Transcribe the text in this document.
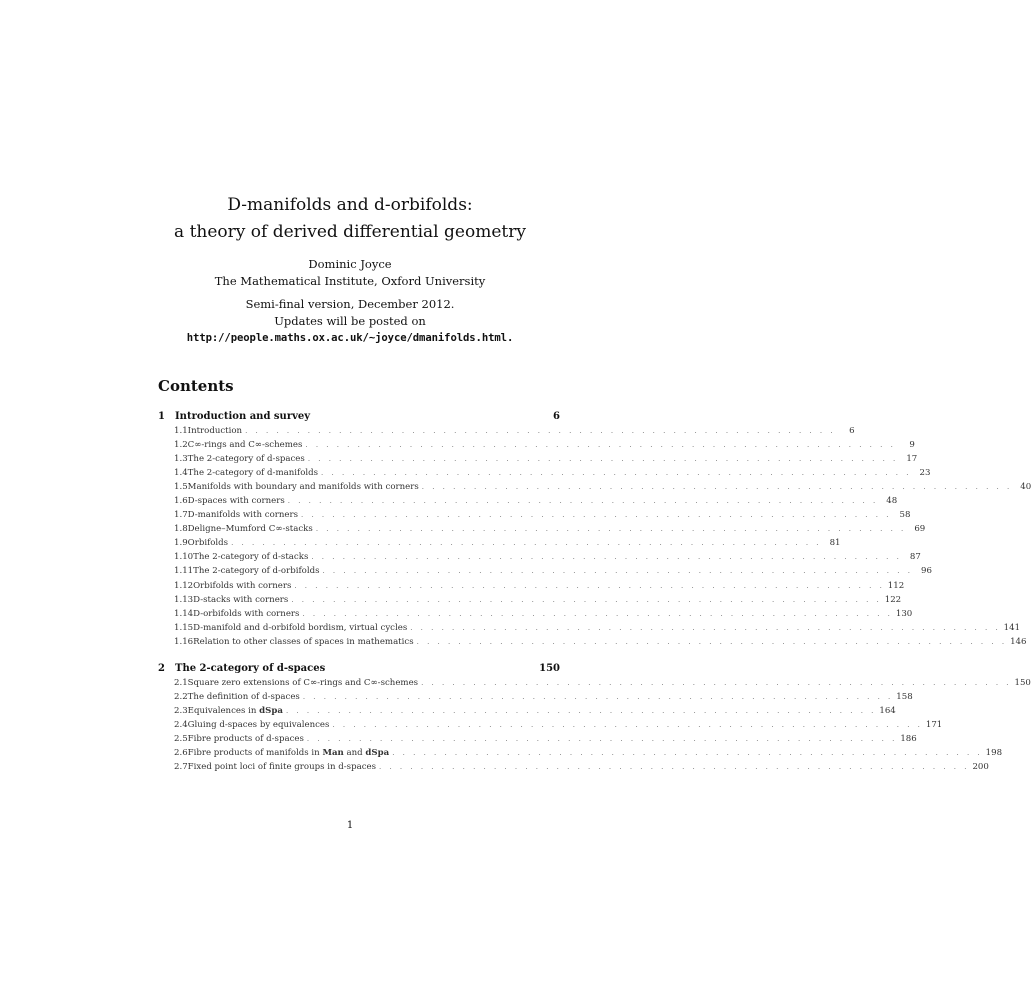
D-manifolds and d-orbifolds:
a theory of derived differential geometry
Dominic Joyce
The Mathematical Institute, Oxford University
Semi-final version, December 2012.
Updates will be posted on
http://people.maths.ox.ac.uk/~joyce/dmanifolds.html.
Contents
1	Introduction and survey	6
1.1 Introduction . . . . . . . . . . . . . . . . . . . . . . . . . . . . . . . . . . . . . . . . . . . . . . . . . . . . . . . . .	6
1.2 C∞-rings and C∞-schemes . . . . . . . . . . . . . . . . . . . . . . . . . . . . . . . . . . . . . . . . . . . . . . . . . . . . . . . . .	9
1.3 The 2-category of d-spaces . . . . . . . . . . . . . . . . . . . . . . . . . . . . . . . . . . . . . . . . . . . . . . . . . . . . . . . . . 17
1.4 The 2-category of d-manifolds . . . . . . . . . . . . . . . . . . . . . . . . . . . . . . . . . . . . . . . . . . . . . . . . . . . . . . . . . 23
1.5 Manifolds with boundary and manifolds with corners . . . . . . . . . . . . . . . . . . . . . . . . . . . . . . . . . . . . . . . . . . . . . . . . . . . . . . . . . 40
1.6 D-spaces with corners . . . . . . . . . . . . . . . . . . . . . . . . . . . . . . . . . . . . . . . . . . . . . . . . . . . . . . . . . 48
1.7 D-manifolds with corners . . . . . . . . . . . . . . . . . . . . . . . . . . . . . . . . . . . . . . . . . . . . . . . . . . . . . . . . . 58
1.8 Deligne–Mumford C∞-stacks . . . . . . . . . . . . . . . . . . . . . . . . . . . . . . . . . . . . . . . . . . . . . . . . . . . . . . . . . 69
1.9 Orbifolds . . . . . . . . . . . . . . . . . . . . . . . . . . . . . . . . . . . . . . . . . . . . . . . . . . . . . . . . . 81
1.10 The 2-category of d-stacks . . . . . . . . . . . . . . . . . . . . . . . . . . . . . . . . . . . . . . . . . . . . . . . . . . . . . . . . . 87
1.11 The 2-category of d-orbifolds . . . . . . . . . . . . . . . . . . . . . . . . . . . . . . . . . . . . . . . . . . . . . . . . . . . . . . . . . 96
1.12 Orbifolds with corners . . . . . . . . . . . . . . . . . . . . . . . . . . . . . . . . . . . . . . . . . . . . . . . . . . . . . . . . . 112
1.13 D-stacks with corners . . . . . . . . . . . . . . . . . . . . . . . . . . . . . . . . . . . . . . . . . . . . . . . . . . . . . . . . . 122
1.14 D-orbifolds with corners . . . . . . . . . . . . . . . . . . . . . . . . . . . . . . . . . . . . . . . . . . . . . . . . . . . . . . . . . 130
1.15 D-manifold and d-orbifold bordism, virtual cycles . . . . . . . . . . . . . . . . . . . . . . . . . . . . . . . . . . . . . . . . . . . . . . . . . . . . . . . . . 141
1.16 Relation to other classes of spaces in mathematics . . . . . . . . . . . . . . . . . . . . . . . . . . . . . . . . . . . . . . . . . . . . . . . . . . . . . . . . . 146
2	The 2-category of d-spaces	150
2.1 Square zero extensions of C∞-rings and C∞-schemes . . . . . . . . . . . . . . . . . . . . . . . . . . . . . . . . . . . . . . . . . . . . . . . . . . . . . . . . . 150
2.2 The definition of d-spaces . . . . . . . . . . . . . . . . . . . . . . . . . . . . . . . . . . . . . . . . . . . . . . . . . . . . . . . . . 158
2.3 Equivalences in dSpa . . . . . . . . . . . . . . . . . . . . . . . . . . . . . . . . . . . . . . . . . . . . . . . . . . . . . . . . . 164
2.4 Gluing d-spaces by equivalences . . . . . . . . . . . . . . . . . . . . . . . . . . . . . . . . . . . . . . . . . . . . . . . . . . . . . . . . . 171
2.5 Fibre products of d-spaces . . . . . . . . . . . . . . . . . . . . . . . . . . . . . . . . . . . . . . . . . . . . . . . . . . . . . . . . . 186
2.6 Fibre products of manifolds in Man and dSpa . . . . . . . . . . . . . . . . . . . . . . . . . . . . . . . . . . . . . . . . . . . . . . . . . . . . . . . . . 198
2.7 Fixed point loci of finite groups in d-spaces . . . . . . . . . . . . . . . . . . . . . . . . . . . . . . . . . . . . . . . . . . . . . . . . . . . . . . . . . 200
1
